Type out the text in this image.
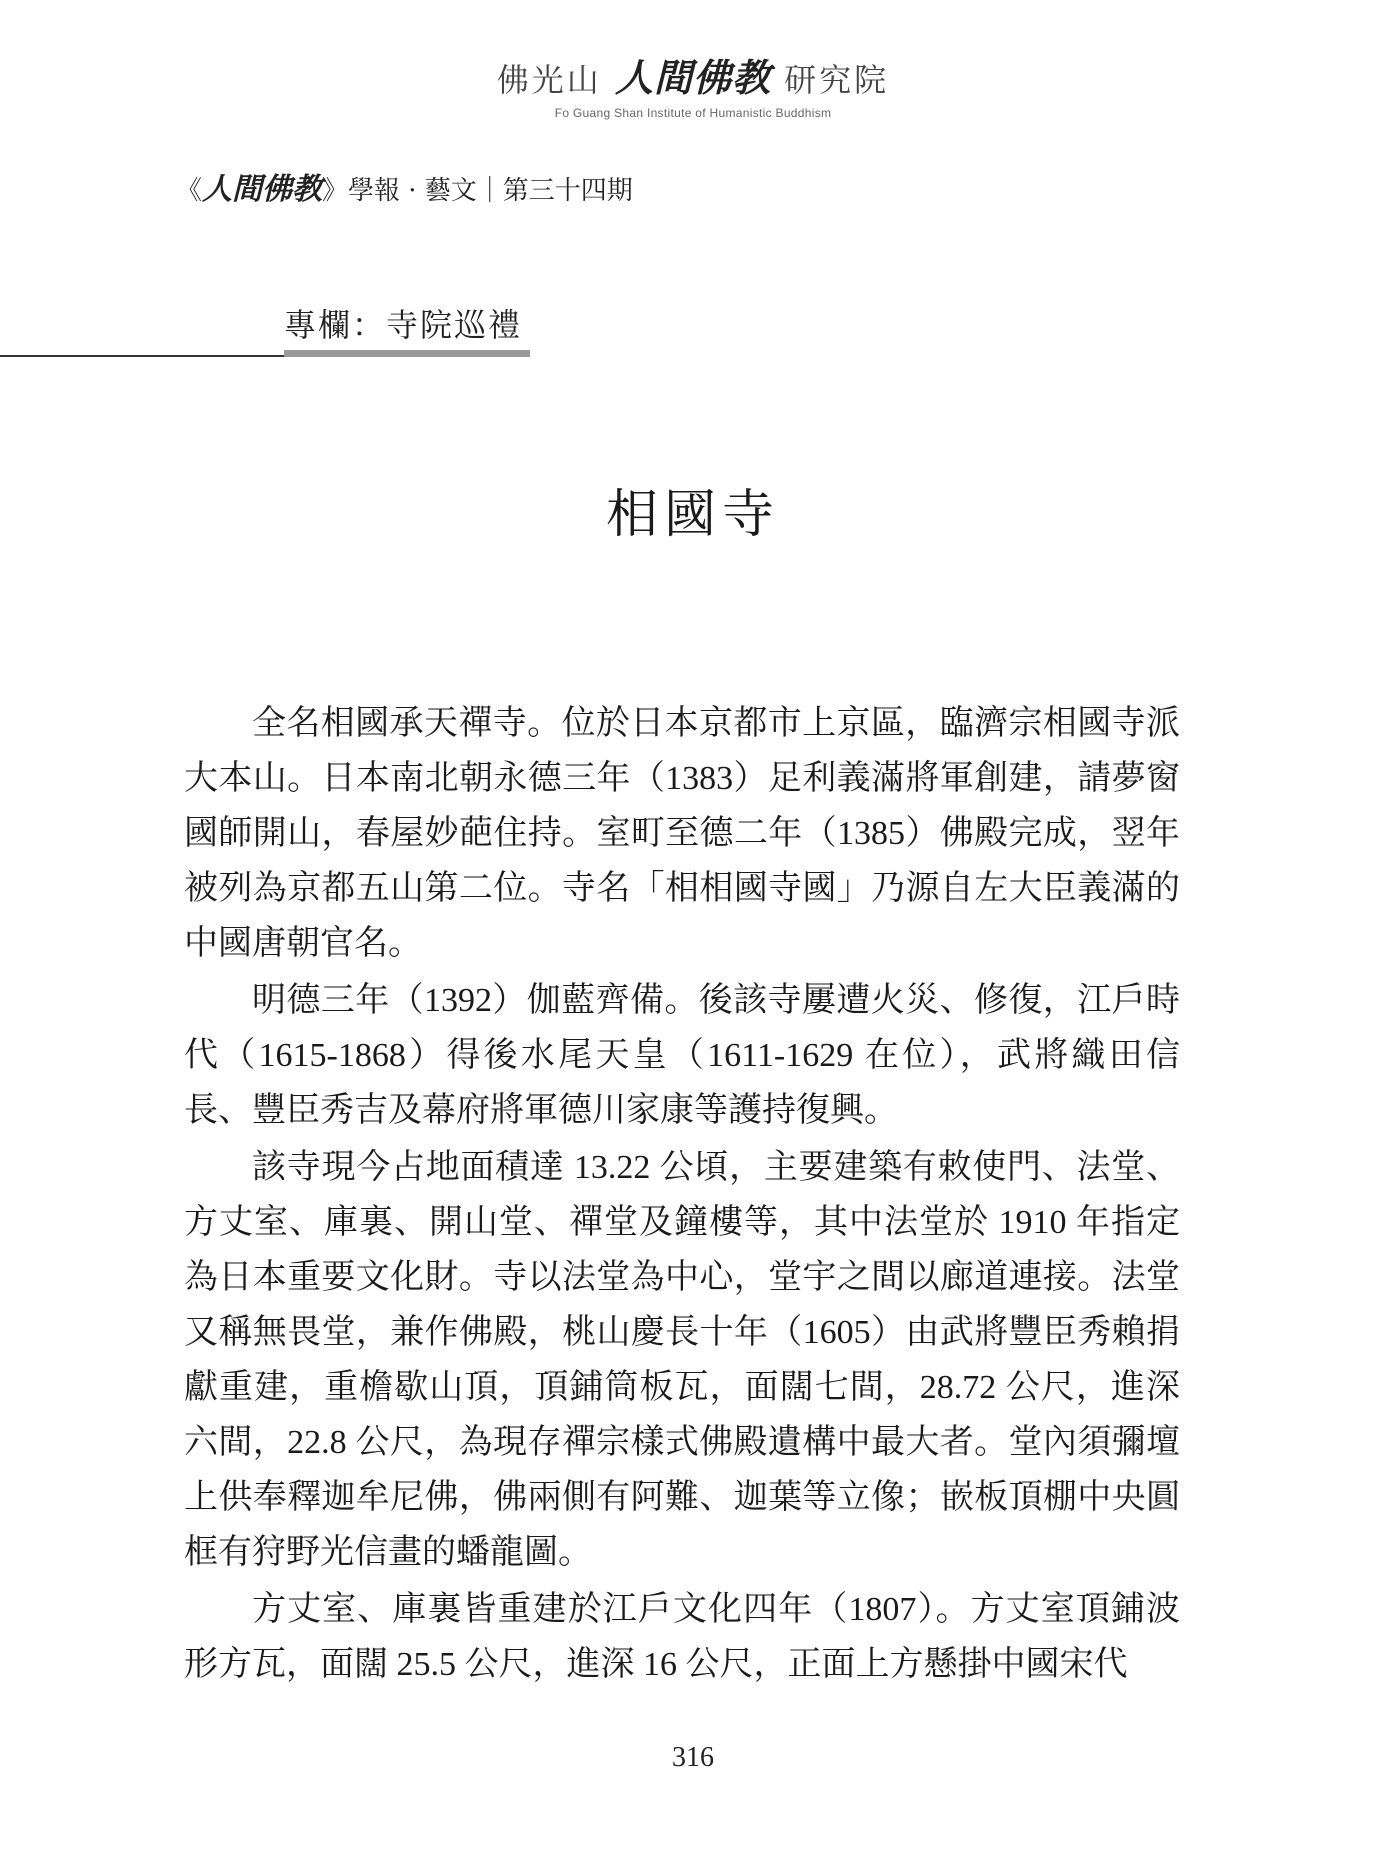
佛光山 人間佛教 研究院
Fo Guang Shan Institute of Humanistic Buddhism
《人間佛教》學報 · 藝文｜第三十四期
專欄：寺院巡禮
相國寺

全名相國承天禪寺。位於日本京都市上京區，臨濟宗相國寺派大本山。日本南北朝永德三年（1383）足利義滿將軍創建，請夢窗國師開山，春屋妙葩住持。室町至德二年（1385）佛殿完成，翌年被列為京都五山第二位。寺名「相相國寺國」乃源自左大臣義滿的中國唐朝官名。

明德三年（1392）伽藍齊備。後該寺屢遭火災、修復，江戶時代（1615-1868）得後水尾天皇（1611-1629 在位），武將織田信長、豐臣秀吉及幕府將軍德川家康等護持復興。

該寺現今占地面積達 13.22 公頃，主要建築有敕使門、法堂、方丈室、庫裏、開山堂、禪堂及鐘樓等，其中法堂於 1910 年指定為日本重要文化財。寺以法堂為中心，堂宇之間以廊道連接。法堂又稱無畏堂，兼作佛殿，桃山慶長十年（1605）由武將豐臣秀賴捐獻重建，重檐歇山頂，頂鋪筒板瓦，面闊七間，28.72 公尺，進深六間，22.8 公尺，為現存禪宗樣式佛殿遺構中最大者。堂內須彌壇上供奉釋迦牟尼佛，佛兩側有阿難、迦葉等立像；嵌板頂棚中央圓框有狩野光信畫的蟠龍圖。

方丈室、庫裏皆重建於江戶文化四年（1807）。方丈室頂鋪波形方瓦，面闊 25.5 公尺，進深 16 公尺，正面上方懸掛中國宋代

316
